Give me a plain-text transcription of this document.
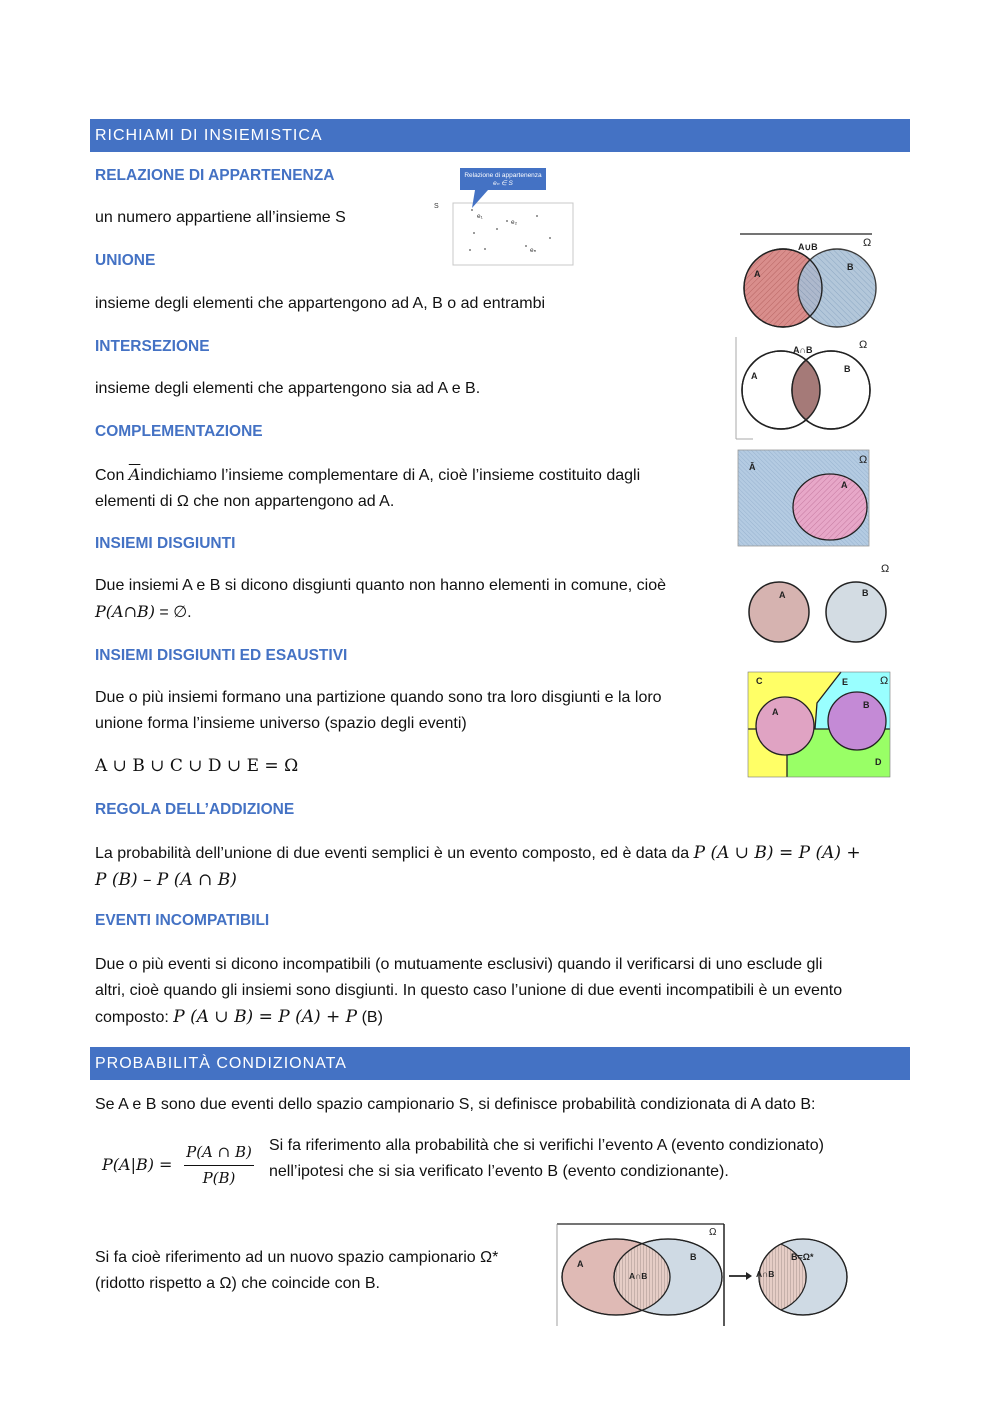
RICHIAMI DI INSIEMISTICA
RELAZIONE DI APPARTENENZA
un numero appartiene all’insieme S
UNIONE
insieme degli elementi che appartengono ad A, B o ad entrambi
INTERSEZIONE
insieme degli elementi che appartengono sia ad A e B.
COMPLEMENTAZIONE
Con $\overline{A}indichiamo$ l’insieme complementare di A, cioè l’insieme costituito dagli
elementi di Ω che non appartengono ad A.
INSIEMI DISGIUNTI
Due insiemi A e B si dicono disgiunti quanto non hanno elementi in comune, cioè
P(A∩B) = ∅.
INSIEMI DISGIUNTI ED ESAUSTIVI
Due o più insiemi formano una partizione quando sono tra loro disgiunti e la loro
unione forma l’insieme universo (spazio degli eventi)
A ∪ B ∪ C ∪ D ∪ E = Ω
REGOLA DELL’ADDIZIONE
La probabilità dell’unione di due eventi semplici è un evento composto, ed è data da P (A ∪ B) = P (A) +
P (B) – P (A ∩ B)
EVENTI INCOMPATIBILI
Due o più eventi si dicono incompatibili (o mutuamente esclusivi) quando il verificarsi di uno esclude gli
altri, cioè quando gli insiemi sono disgiunti. In questo caso l’unione di due eventi incompatibili è un evento
composto: P (A ∪ B) = P (A) + P (B)
PROBABILITÀ CONDIZIONATA
Se A e B sono due eventi dello spazio campionario S, si definisce probabilità condizionata di A dato B:
P(A|B) =
P(A ∩ B)
P(B)
Si fa riferimento alla probabilità che si verifichi l’evento A (evento condizionato)
nell’ipotesi che si sia verificato l’evento B (evento condizionante).
Si fa cioè riferimento ad un nuovo spazio campionario Ω*
(ridotto rispetto a Ω) che coincide con B.
Relazione di appartenenza
eₙ ∈ S
S
e₁
e₂
eₙ	A∪B	Ω
A
B
A∩B	Ω
A
B
Ā
Ω
A
Ω
A	B
C	E	Ω
A
B
D
Ω
A
B
A∩B	A∩B
B=Ω*
